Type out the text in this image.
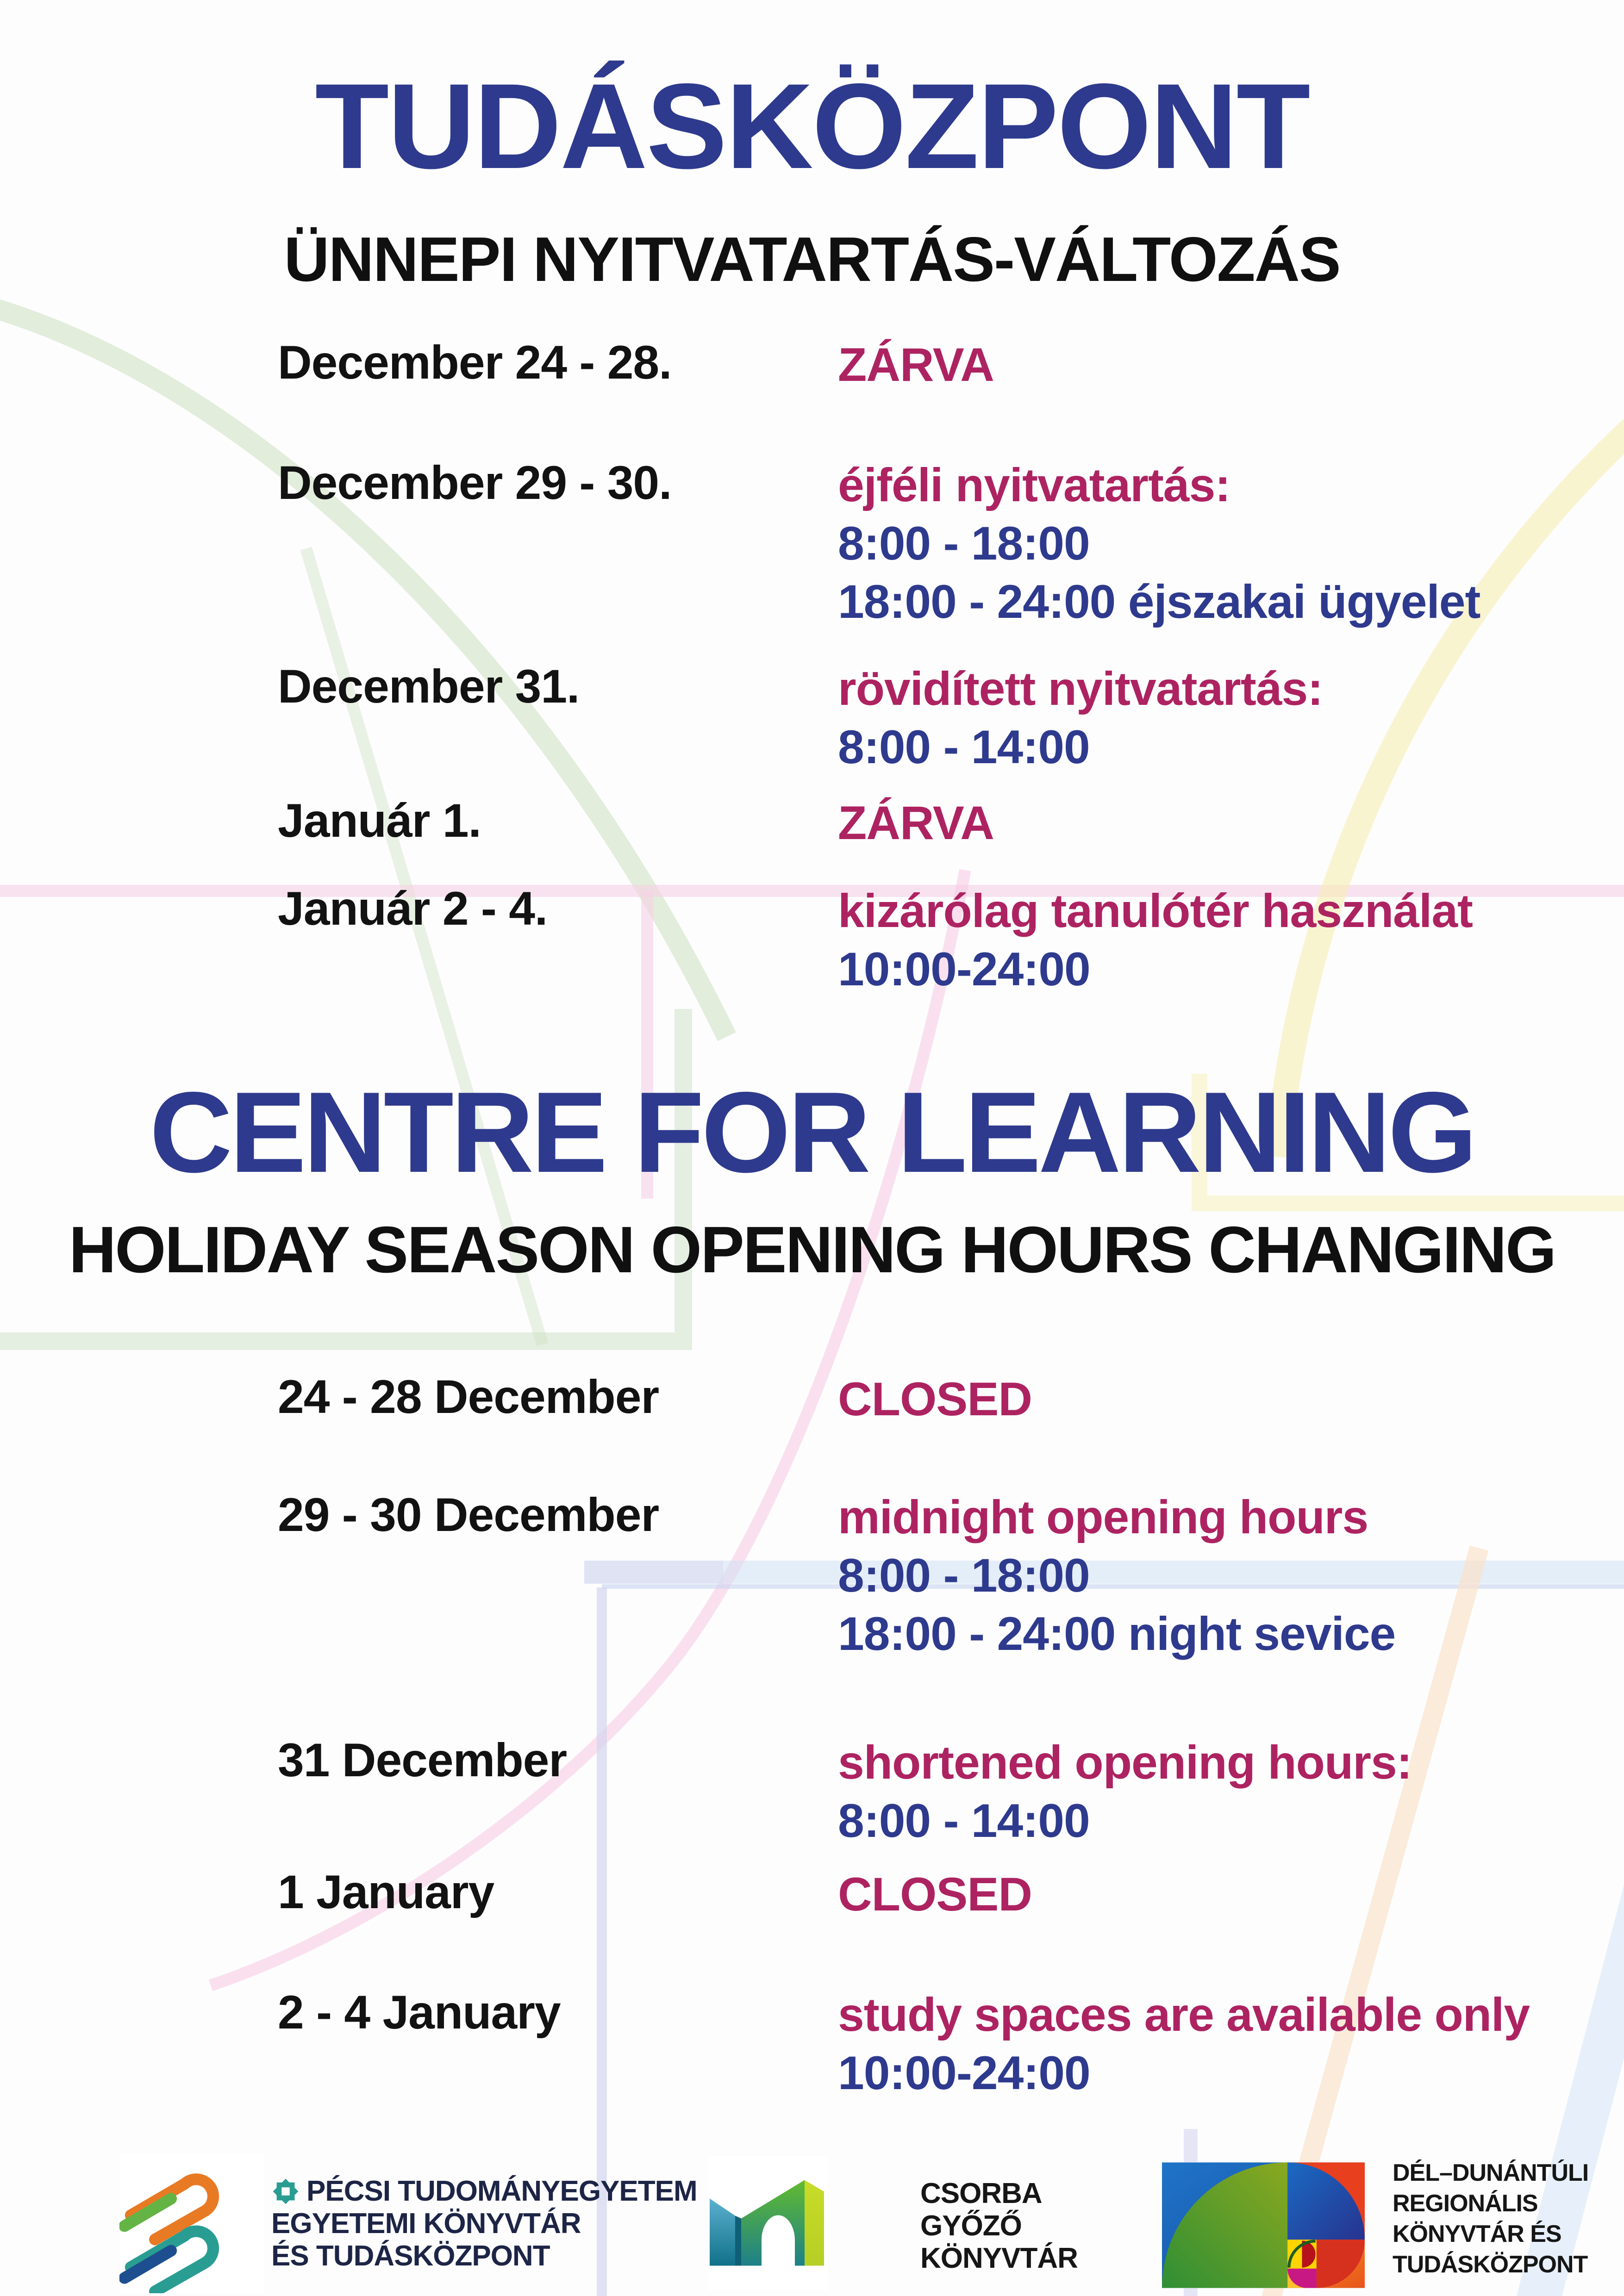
TUDÁSKÖZPONT
ÜNNEPI NYITVATARTÁS-VÁLTOZÁS
December 24 - 28.	ZÁRVA
December 29 - 30.	éjféli nyitvatartás:
8:00 - 18:00
18:00 - 24:00 éjszakai ügyelet
December 31.	rövidített nyitvatartás:
8:00 - 14:00
Január 1.	ZÁRVA
Január 2 - 4.	kizárólag tanulótér használat
10:00-24:00
CENTRE FOR LEARNING
HOLIDAY SEASON OPENING HOURS CHANGING
24 - 28 December	CLOSED
29 - 30 December	midnight opening hours
8:00 - 18:00
18:00 - 24:00 night sevice
31 December	shortened opening hours:
8:00 - 14:00
1 January	CLOSED
2 - 4 January	study spaces are available only
10:00-24:00
PÉCSI TUDOMÁNYEGYETEM
EGYETEMI KÖNYVTÁR
ÉS TUDÁSKÖZPONT
CSORBA
GYŐZŐ
KÖNYVTÁR
DÉL–DUNÁNTÚLI
REGIONÁLIS
KÖNYVTÁR ÉS
TUDÁSKÖZPONT
